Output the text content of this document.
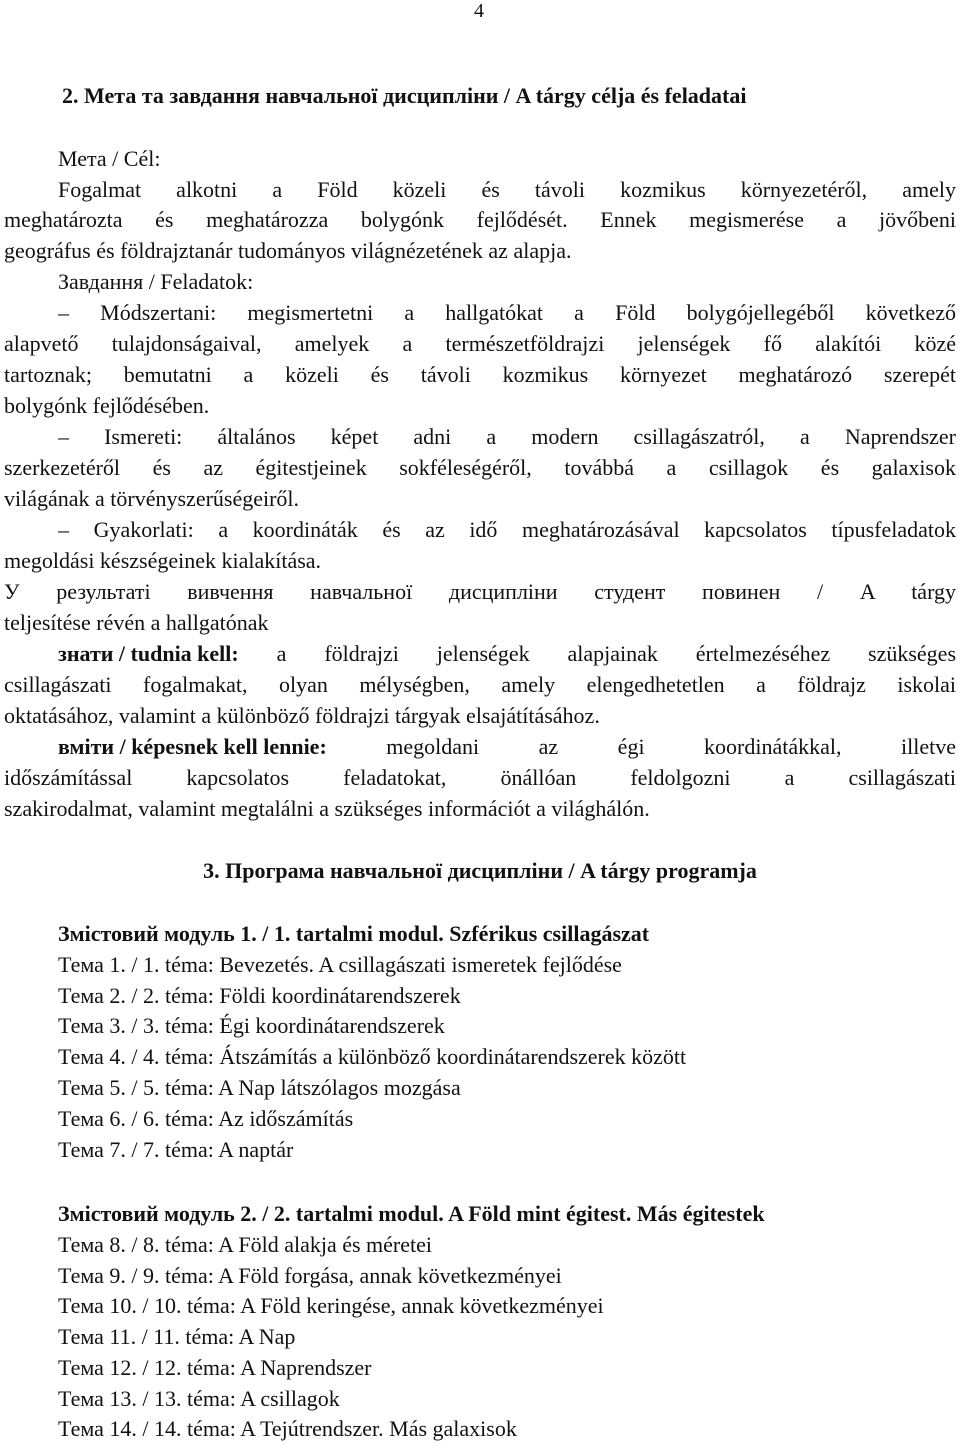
4
2. Мета та завдання навчальної дисципліни / A tárgy célja és feladatai
Мета / Cél:
Fogalmat alkotni a Föld közeli és távoli kozmikus környezetéről, amely
meghatározta és meghatározza bolygónk fejlődését. Ennek megismerése a jövőbeni
geográfus és földrajztanár tudományos világnézetének az alapja.
Завдання / Feladatok:
– Módszertani: megismertetni a hallgatókat a Föld bolygójellegéből következő
alapvető tulajdonságaival, amelyek a természetföldrajzi jelenségek fő alakítói közé
tartoznak; bemutatni a közeli és távoli kozmikus környezet meghatározó szerepét
bolygónk fejlődésében.
– Ismereti: általános képet adni a modern csillagászatról, a Naprendszer
szerkezetéről és az égitestjeinek sokféleségéről, továbbá a csillagok és galaxisok
világának a törvényszerűségeiről.
– Gyakorlati: a koordináták és az idő meghatározásával kapcsolatos típusfeladatok
megoldási készségeinek kialakítása.
У результаті вивчення навчальної дисципліни студент повинен / A tárgy
teljesítése révén a hallgatónak
знати / tudnia kell: a földrajzi jelenségek alapjainak értelmezéséhez szükséges
csillagászati fogalmakat, olyan mélységben, amely elengedhetetlen a földrajz iskolai
oktatásához, valamint a különböző földrajzi tárgyak elsajátításához.
вміти / képesnek kell lennie: megoldani az égi koordinátákkal, illetve
időszámítással kapcsolatos feladatokat, önállóan feldolgozni a csillagászati
szakirodalmat, valamint megtalálni a szükséges információt a világhálón.
3. Програма навчальної дисципліни / A tárgy programja
Змістовий модуль 1. / 1. tartalmi modul. Szférikus csillagászat
Тема 1. / 1. téma: Bevezetés. A csillagászati ismeretek fejlődése
Тема 2. / 2. téma: Földi koordinátarendszerek
Тема 3. / 3. téma: Égi koordinátarendszerek
Тема 4. / 4. téma: Átszámítás a különböző koordinátarendszerek között
Тема 5. / 5. téma: A Nap látszólagos mozgása
Тема 6. / 6. téma: Az időszámítás
Тема 7. / 7. téma: A naptár
Змістовий модуль 2. / 2. tartalmi modul. A Föld mint égitest. Más égitestek
Тема 8. / 8. téma: A Föld alakja és méretei
Тема 9. / 9. téma: A Föld forgása, annak következményei
Тема 10. / 10. téma: A Föld keringése, annak következményei
Тема 11. / 11. téma: A Nap
Тема 12. / 12. téma: A Naprendszer
Тема 13. / 13. téma: A csillagok
Тема 14. / 14. téma: A Tejútrendszer. Más galaxisok
